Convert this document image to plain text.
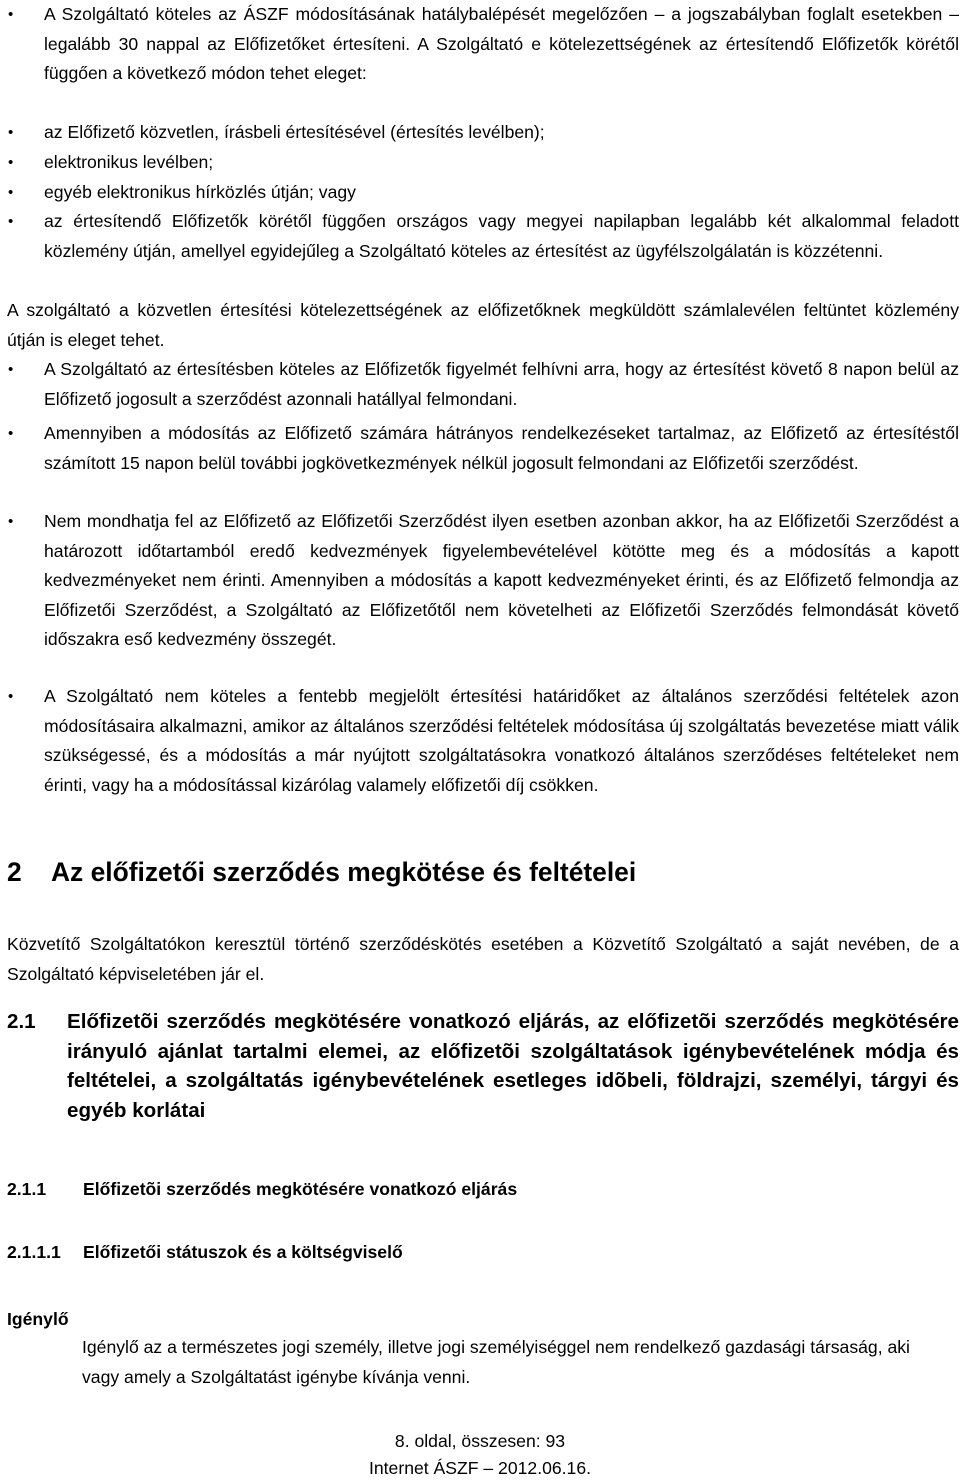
• A Szolgáltató köteles az ÁSZF módosításának hatálybalépését megelőzően – a jogszabályban foglalt esetekben – legalább 30 nappal az Előfizetőket értesíteni. A Szolgáltató e kötelezettségének az értesítendő Előfizetők körétől függően a következő módon tehet eleget:

• az Előfizető közvetlen, írásbeli értesítésével (értesítés levélben);

• elektronikus levélben;

• egyéb elektronikus hírközlés útján; vagy

• az értesítendő Előfizetők körétől függően országos vagy megyei napilapban legalább két alkalommal feladott közlemény útján, amellyel egyidejűleg a Szolgáltató köteles az értesítést az ügyfélszolgálatán is közzétenni.

A szolgáltató a közvetlen értesítési kötelezettségének az előfizetőknek megküldött számlalevélen feltüntet közlemény útján is eleget tehet.

• A Szolgáltató az értesítésben köteles az Előfizetők figyelmét felhívni arra, hogy az értesítést követő 8 napon belül az Előfizető jogosult a szerződést azonnali hatállyal felmondani.

• Amennyiben a módosítás az Előfizető számára hátrányos rendelkezéseket tartalmaz, az Előfizető az értesítéstől számított 15 napon belül további jogkövetkezmények nélkül jogosult felmondani az Előfizetői szerződést.

• Nem mondhatja fel az Előfizető az Előfizetői Szerződést ilyen esetben azonban akkor, ha az Előfizetői Szerződést a határozott időtartamból eredő kedvezmények figyelembevételével kötötte meg és a módosítás a kapott kedvezményeket nem érinti. Amennyiben a módosítás a kapott kedvezményeket érinti, és az Előfizető felmondja az Előfizetői Szerződést, a Szolgáltató az Előfizetőtől nem követelheti az Előfizetői Szerződés felmondását követő időszakra eső kedvezmény összegét.

• A Szolgáltató nem köteles a fentebb megjelölt értesítési határidőket az általános szerződési feltételek azon módosításaira alkalmazni, amikor az általános szerződési feltételek módosítása új szolgáltatás bevezetése miatt válik szükségessé, és a módosítás a már nyújtott szolgáltatásokra vonatkozó általános szerződéses feltételeket nem érinti, vagy ha a módosítással kizárólag valamely előfizetői díj csökken.

2 Az előfizetői szerződés megkötése és feltételei

Közvetítő Szolgáltatókon keresztül történő szerződéskötés esetében a Közvetítő Szolgáltató a saját nevében, de a Szolgáltató képviseletében jár el.

2.1 Előfizetõi szerződés megkötésére vonatkozó eljárás, az előfizetõi szerződés megkötésére irányuló ajánlat tartalmi elemei, az előfizetõi szolgáltatások igénybevételének módja és feltételei, a szolgáltatás igénybevételének esetleges idõbeli, földrajzi, személyi, tárgyi és egyéb korlátai
2.1.1 Előfizetõi szerződés megkötésére vonatkozó eljárás
2.1.1.1 Előfizetői státuszok és a költségviselő

Igénylő

Igénylő az a természetes jogi személy, illetve jogi személyiséggel nem rendelkező gazdasági társaság, aki vagy amely a Szolgáltatást igénybe kívánja venni.

8. oldal, összesen: 93

Internet ÁSZF – 2012.06.16.
